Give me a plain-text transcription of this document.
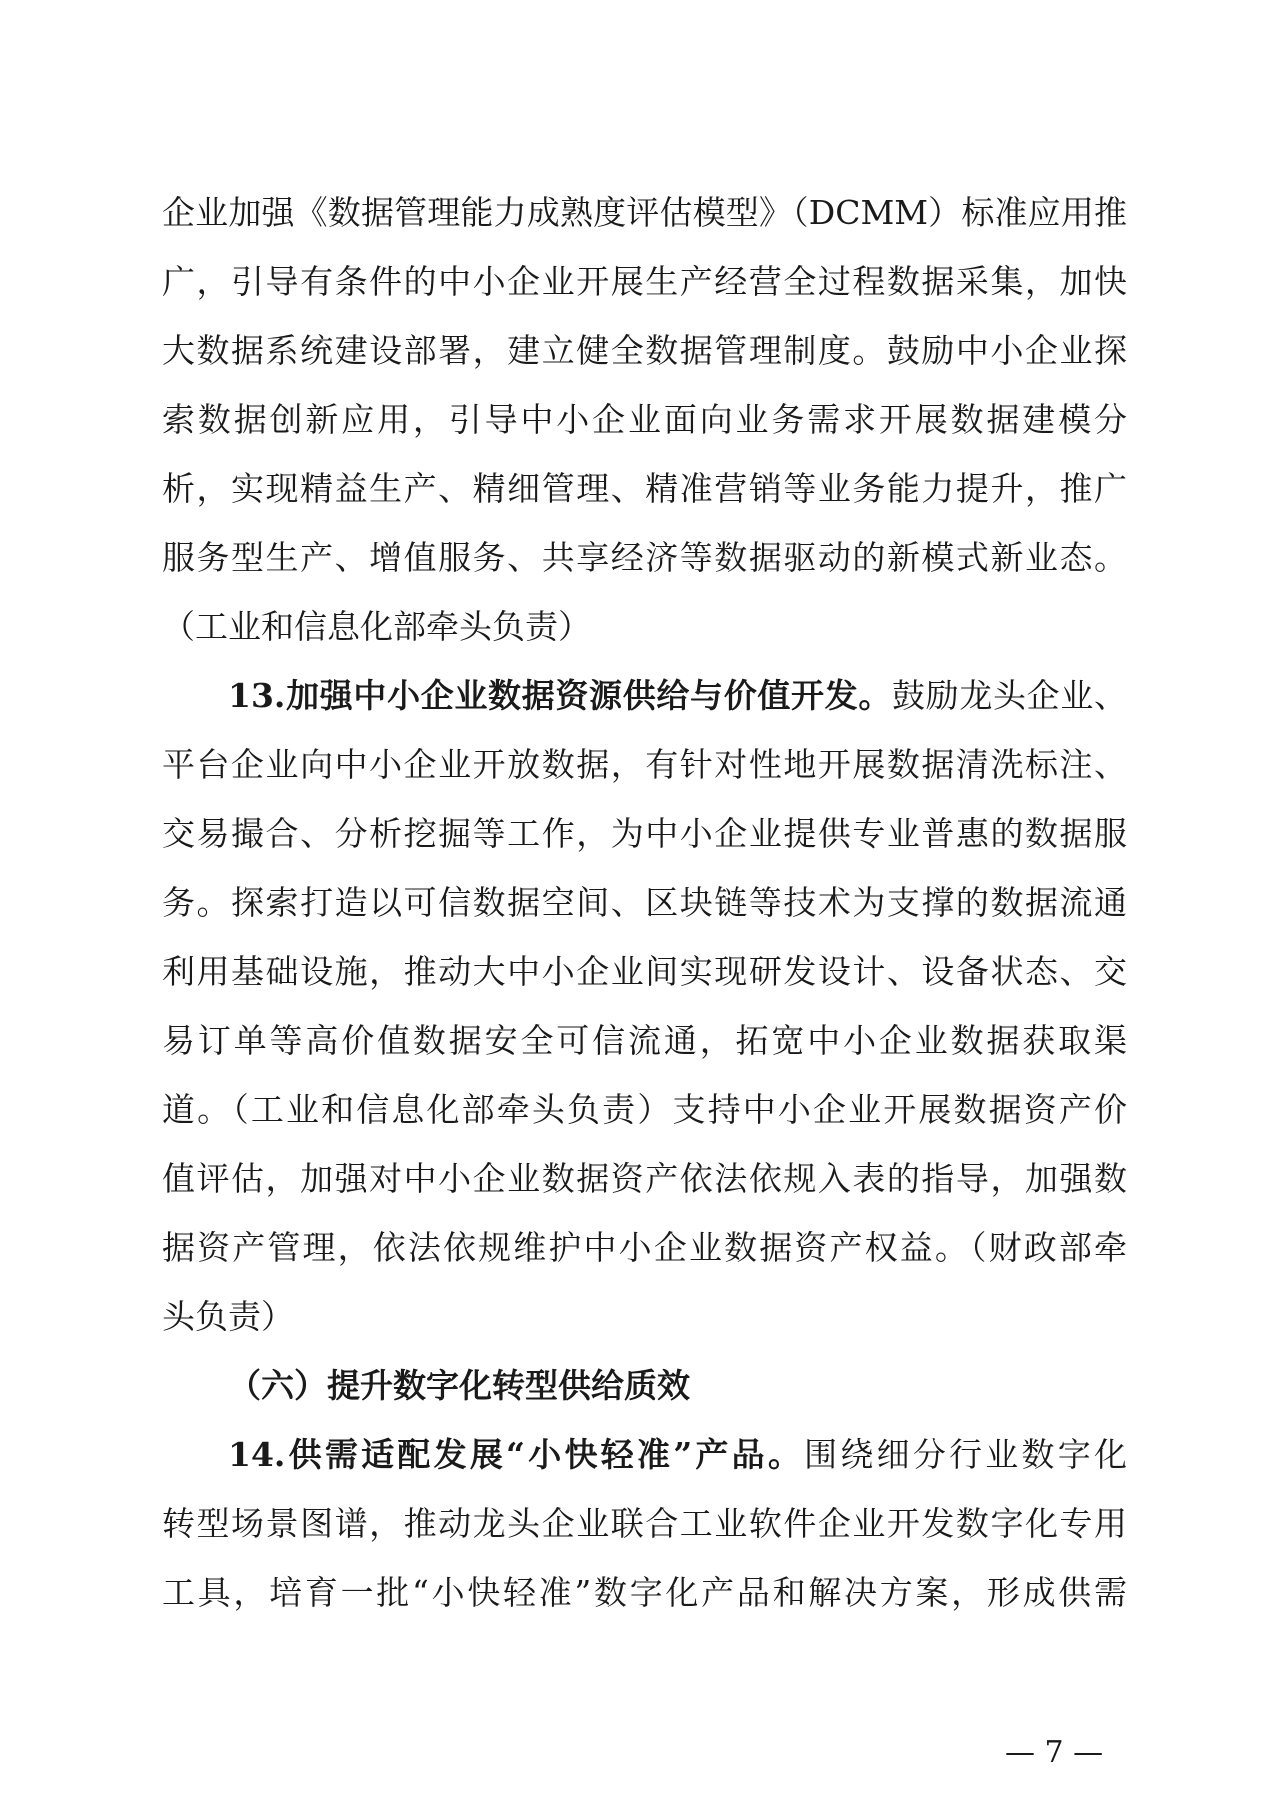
企业加强《数据管理能力成熟度评估模型》（DCMM）标准应用推
广，引导有条件的中小企业开展生产经营全过程数据采集，加快
大数据系统建设部署，建立健全数据管理制度。鼓励中小企业探
索数据创新应用，引导中小企业面向业务需求开展数据建模分
析，实现精益生产、精细管理、精准营销等业务能力提升，推广
服务型生产、增值服务、共享经济等数据驱动的新模式新业态。
（工业和信息化部牵头负责）
13.加强中小企业数据资源供给与价值开发。鼓励龙头企业、
平台企业向中小企业开放数据，有针对性地开展数据清洗标注、
交易撮合、分析挖掘等工作，为中小企业提供专业普惠的数据服
务。探索打造以可信数据空间、区块链等技术为支撑的数据流通
利用基础设施，推动大中小企业间实现研发设计、设备状态、交
易订单等高价值数据安全可信流通，拓宽中小企业数据获取渠
道。（工业和信息化部牵头负责）支持中小企业开展数据资产价
值评估，加强对中小企业数据资产依法依规入表的指导，加强数
据资产管理，依法依规维护中小企业数据资产权益。（财政部牵
头负责）
（六）提升数字化转型供给质效
14.供需适配发展“小快轻准”产品。围绕细分行业数字化
转型场景图谱，推动龙头企业联合工业软件企业开发数字化专用
工具，培育一批“小快轻准”数字化产品和解决方案，形成供需
— 7 —
